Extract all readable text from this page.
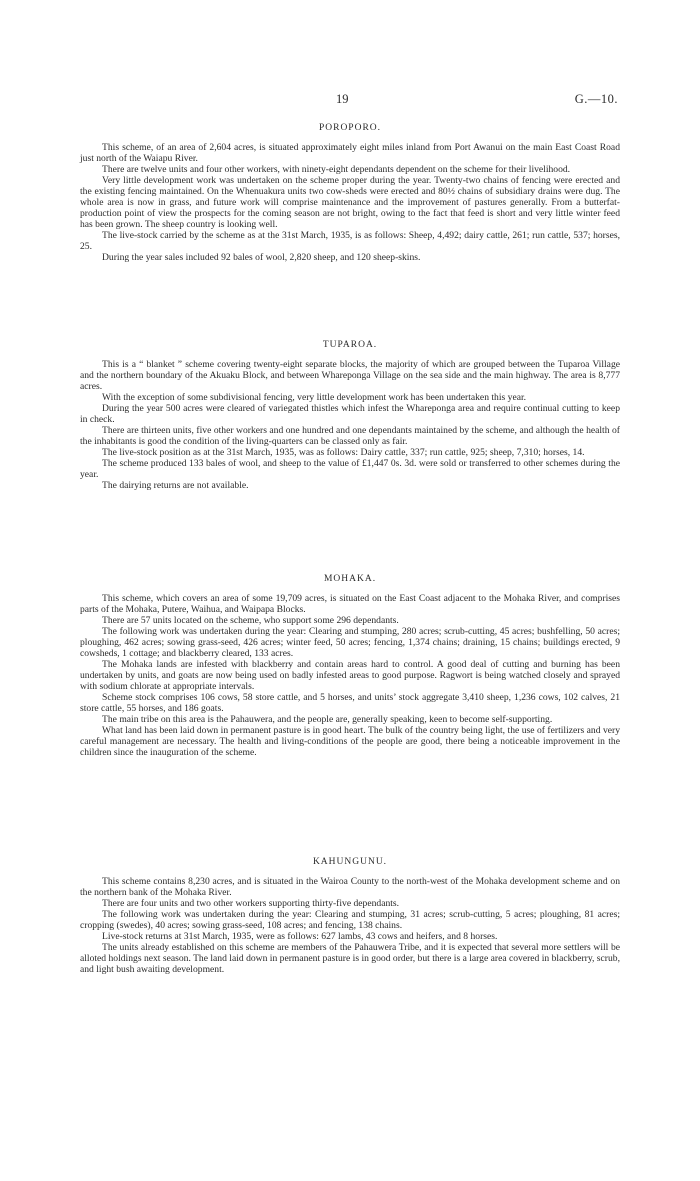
19	G.—10.
POROPORO.

This scheme, of an area of 2,604 acres, is situated approximately eight miles inland from Port Awanui on the main East Coast Road just north of the Waiapu River.

There are twelve units and four other workers, with ninety-eight dependants dependent on the scheme for their livelihood.

Very little development work was undertaken on the scheme proper during the year. Twenty-two chains of fencing were erected and the existing fencing maintained. On the Whenuakura units two cow-sheds were erected and 80½ chains of subsidiary drains were dug. The whole area is now in grass, and future work will comprise maintenance and the improvement of pastures generally. From a butterfat-production point of view the prospects for the coming season are not bright, owing to the fact that feed is short and very little winter feed has been grown. The sheep country is looking well.

The live-stock carried by the scheme as at the 31st March, 1935, is as follows: Sheep, 4,492; dairy cattle, 261; run cattle, 537; horses, 25.

During the year sales included 92 bales of wool, 2,820 sheep, and 120 sheep-skins.

TUPAROA.

This is a “ blanket ” scheme covering twenty-eight separate blocks, the majority of which are grouped between the Tuparoa Village and the northern boundary of the Akuaku Block, and between Whareponga Village on the sea side and the main highway. The area is 8,777 acres.

With the exception of some subdivisional fencing, very little development work has been undertaken this year.

During the year 500 acres were cleared of variegated thistles which infest the Whareponga area and require continual cutting to keep in check.

There are thirteen units, five other workers and one hundred and one dependants maintained by the scheme, and although the health of the inhabitants is good the condition of the living-quarters can be classed only as fair.

The live-stock position as at the 31st March, 1935, was as follows: Dairy cattle, 337; run cattle, 925; sheep, 7,310; horses, 14.

The scheme produced 133 bales of wool, and sheep to the value of £1,447 0s. 3d. were sold or transferred to other schemes during the year.

The dairying returns are not available.

MOHAKA.

This scheme, which covers an area of some 19,709 acres, is situated on the East Coast adjacent to the Mohaka River, and comprises parts of the Mohaka, Putere, Waihua, and Waipapa Blocks.

There are 57 units located on the scheme, who support some 296 dependants.

The following work was undertaken during the year: Clearing and stumping, 280 acres; scrub-cutting, 45 acres; bushfelling, 50 acres; ploughing, 462 acres; sowing grass-seed, 426 acres; winter feed, 50 acres; fencing, 1,374 chains; draining, 15 chains; buildings erected, 9 cowsheds, 1 cottage; and blackberry cleared, 133 acres.

The Mohaka lands are infested with blackberry and contain areas hard to control. A good deal of cutting and burning has been undertaken by units, and goats are now being used on badly infested areas to good purpose. Ragwort is being watched closely and sprayed with sodium chlorate at appropriate intervals.

Scheme stock comprises 106 cows, 58 store cattle, and 5 horses, and units’ stock aggregate 3,410 sheep, 1,236 cows, 102 calves, 21 store cattle, 55 horses, and 186 goats.

The main tribe on this area is the Pahauwera, and the people are, generally speaking, keen to become self-supporting.

What land has been laid down in permanent pasture is in good heart. The bulk of the country being light, the use of fertilizers and very careful management are necessary. The health and living-conditions of the people are good, there being a noticeable improvement in the children since the inauguration of the scheme.

KAHUNGUNU.

This scheme contains 8,230 acres, and is situated in the Wairoa County to the north-west of the Mohaka development scheme and on the northern bank of the Mohaka River.

There are four units and two other workers supporting thirty-five dependants.

The following work was undertaken during the year: Clearing and stumping, 31 acres; scrub-cutting, 5 acres; ploughing, 81 acres; cropping (swedes), 40 acres; sowing grass-seed, 108 acres; and fencing, 138 chains.

Live-stock returns at 31st March, 1935, were as follows: 627 lambs, 43 cows and heifers, and 8 horses.

The units already established on this scheme are members of the Pahauwera Tribe, and it is expected that several more settlers will be alloted holdings next season. The land laid down in permanent pasture is in good order, but there is a large area covered in blackberry, scrub, and light bush awaiting development.
